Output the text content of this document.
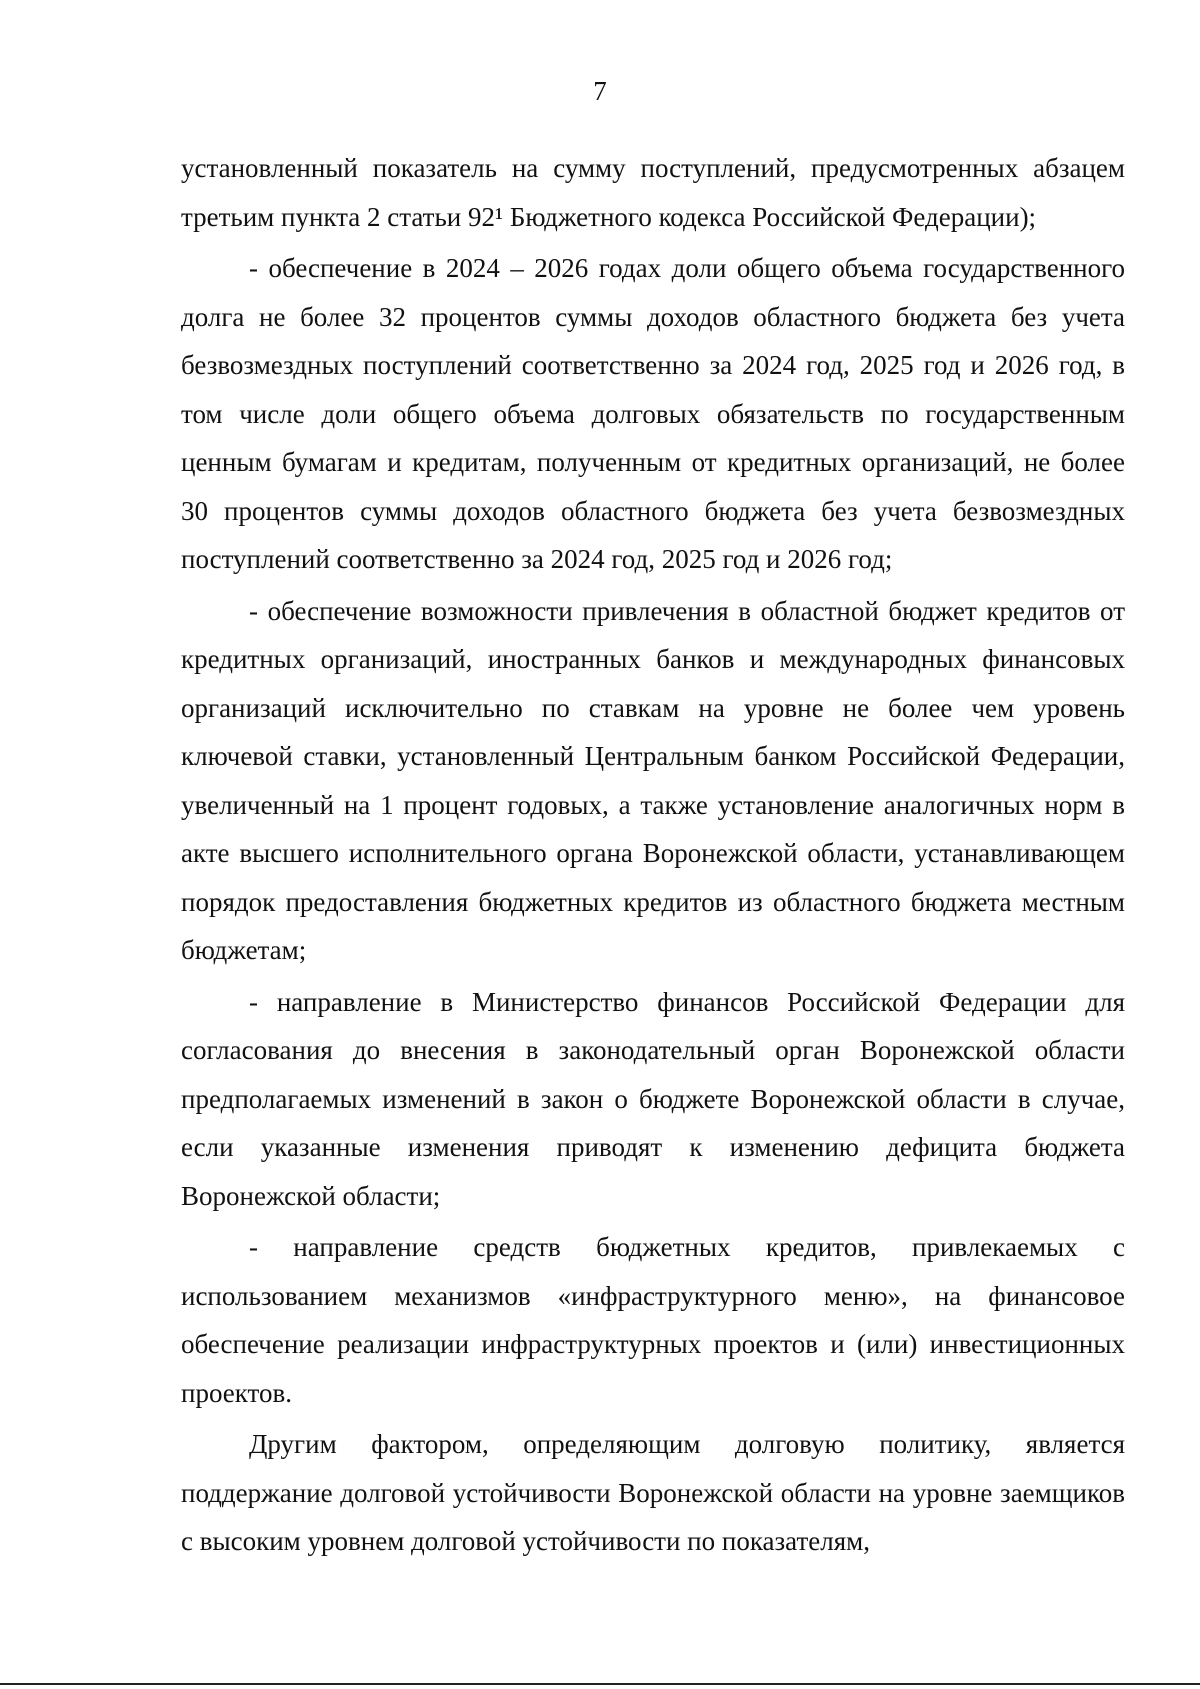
7

установленный показатель на сумму поступлений, предусмотренных абзацем третьим пункта 2 статьи 92¹ Бюджетного кодекса Российской Федерации);

- обеспечение в 2024 – 2026 годах доли общего объема государственного долга не более 32 процентов суммы доходов областного бюджета без учета безвозмездных поступлений соответственно за 2024 год, 2025 год и 2026 год, в том числе доли общего объема долговых обязательств по государственным ценным бумагам и кредитам, полученным от кредитных организаций, не более 30 процентов суммы доходов областного бюджета без учета безвозмездных поступлений соответственно за 2024 год, 2025 год и 2026 год;

- обеспечение возможности привлечения в областной бюджет кредитов от кредитных организаций, иностранных банков и международных финансовых организаций исключительно по ставкам на уровне не более чем уровень ключевой ставки, установленный Центральным банком Российской Федерации, увеличенный на 1 процент годовых, а также установление аналогичных норм в акте высшего исполнительного органа Воронежской области, устанавливающем порядок предоставления бюджетных кредитов из областного бюджета местным бюджетам;

- направление в Министерство финансов Российской Федерации для согласования до внесения в законодательный орган Воронежской области предполагаемых изменений в закон о бюджете Воронежской области в случае, если указанные изменения приводят к изменению дефицита бюджета Воронежской области;

- направление средств бюджетных кредитов, привлекаемых с использованием механизмов «инфраструктурного меню», на финансовое обеспечение реализации инфраструктурных проектов и (или) инвестиционных проектов.

Другим фактором, определяющим долговую политику, является поддержание долговой устойчивости Воронежской области на уровне заемщиков с высоким уровнем долговой устойчивости по показателям,
